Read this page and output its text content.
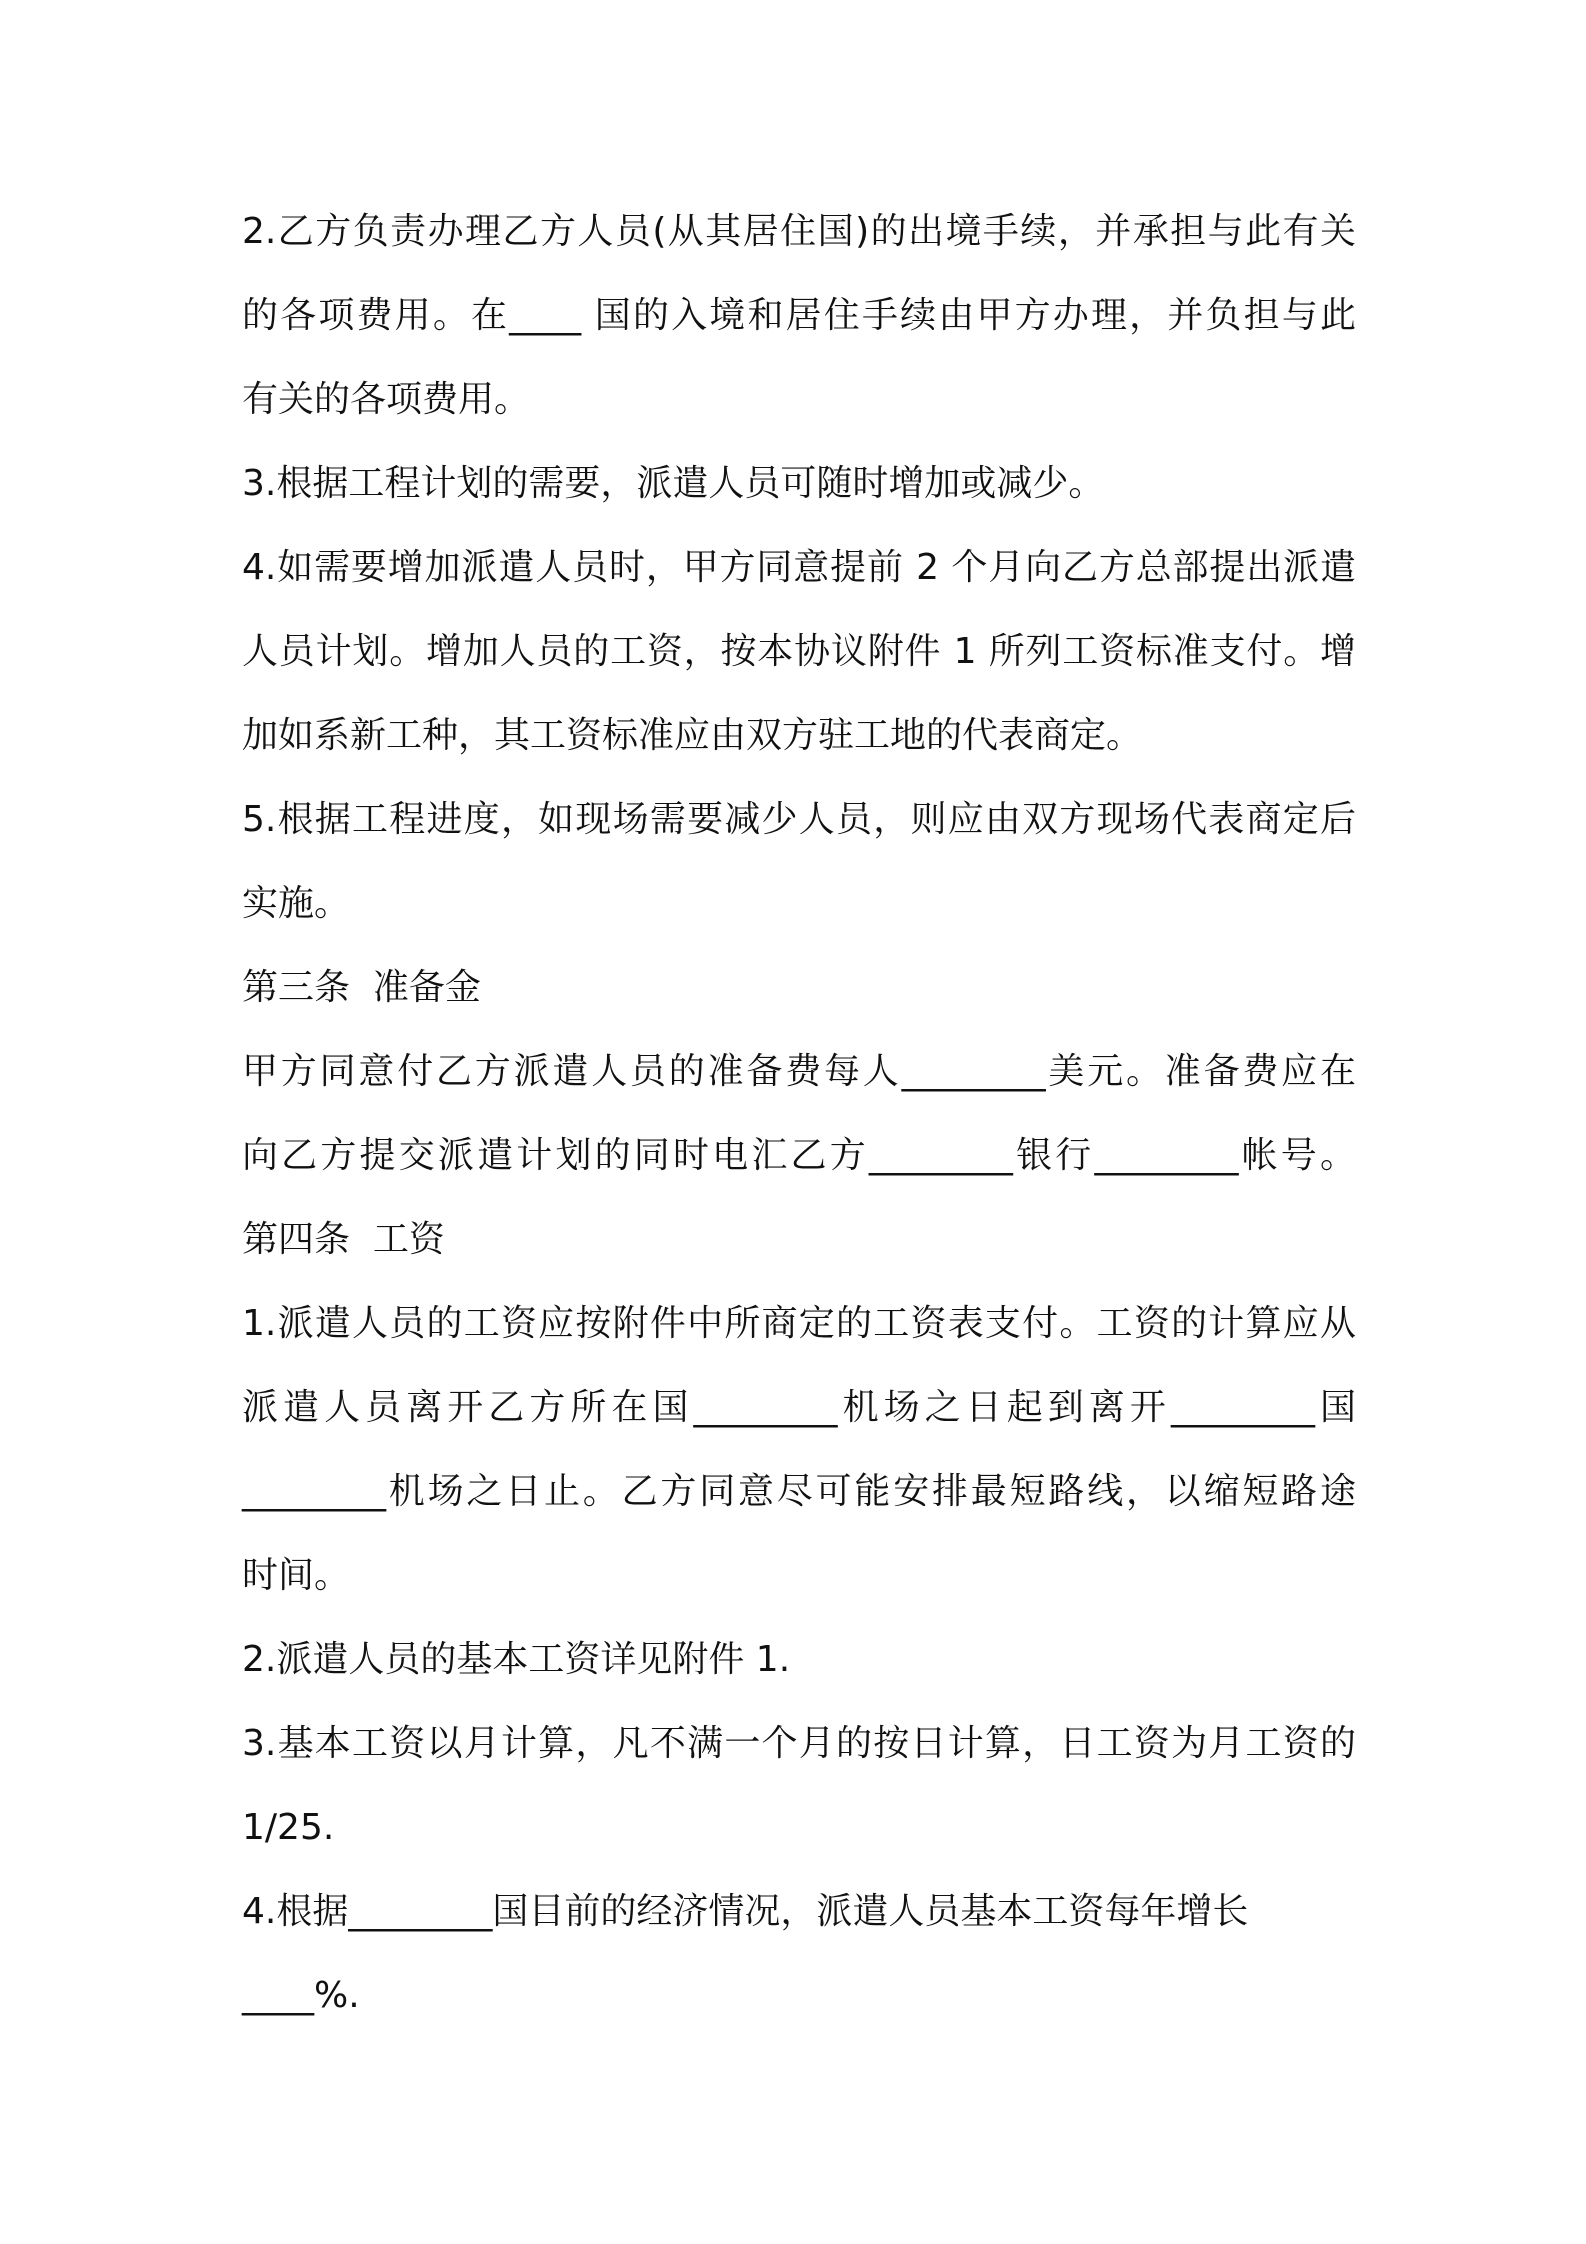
2.乙方负责办理乙方人员(从其居住国)的出境手续，并承担与此有关
的各项费用。在____ 国的入境和居住手续由甲方办理，并负担与此
有关的各项费用。
3.根据工程计划的需要，派遣人员可随时增加或减少。
4.如需要增加派遣人员时，甲方同意提前 2 个月向乙方总部提出派遣
人员计划。增加人员的工资，按本协议附件 1 所列工资标准支付。增
加如系新工种，其工资标准应由双方驻工地的代表商定。
5.根据工程进度，如现场需要减少人员，则应由双方现场代表商定后
实施。
第三条  准备金
甲方同意付乙方派遣人员的准备费每人________美元。准备费应在
向乙方提交派遣计划的同时电汇乙方________银行________帐号。
第四条  工资
1.派遣人员的工资应按附件中所商定的工资表支付。工资的计算应从
派遣人员离开乙方所在国________机场之日起到离开________国
________机场之日止。乙方同意尽可能安排最短路线，以缩短路途
时间。
2.派遣人员的基本工资详见附件 1.
3.基本工资以月计算，凡不满一个月的按日计算，日工资为月工资的
1/25.
4.根据________国目前的经济情况，派遣人员基本工资每年增长
____%.
